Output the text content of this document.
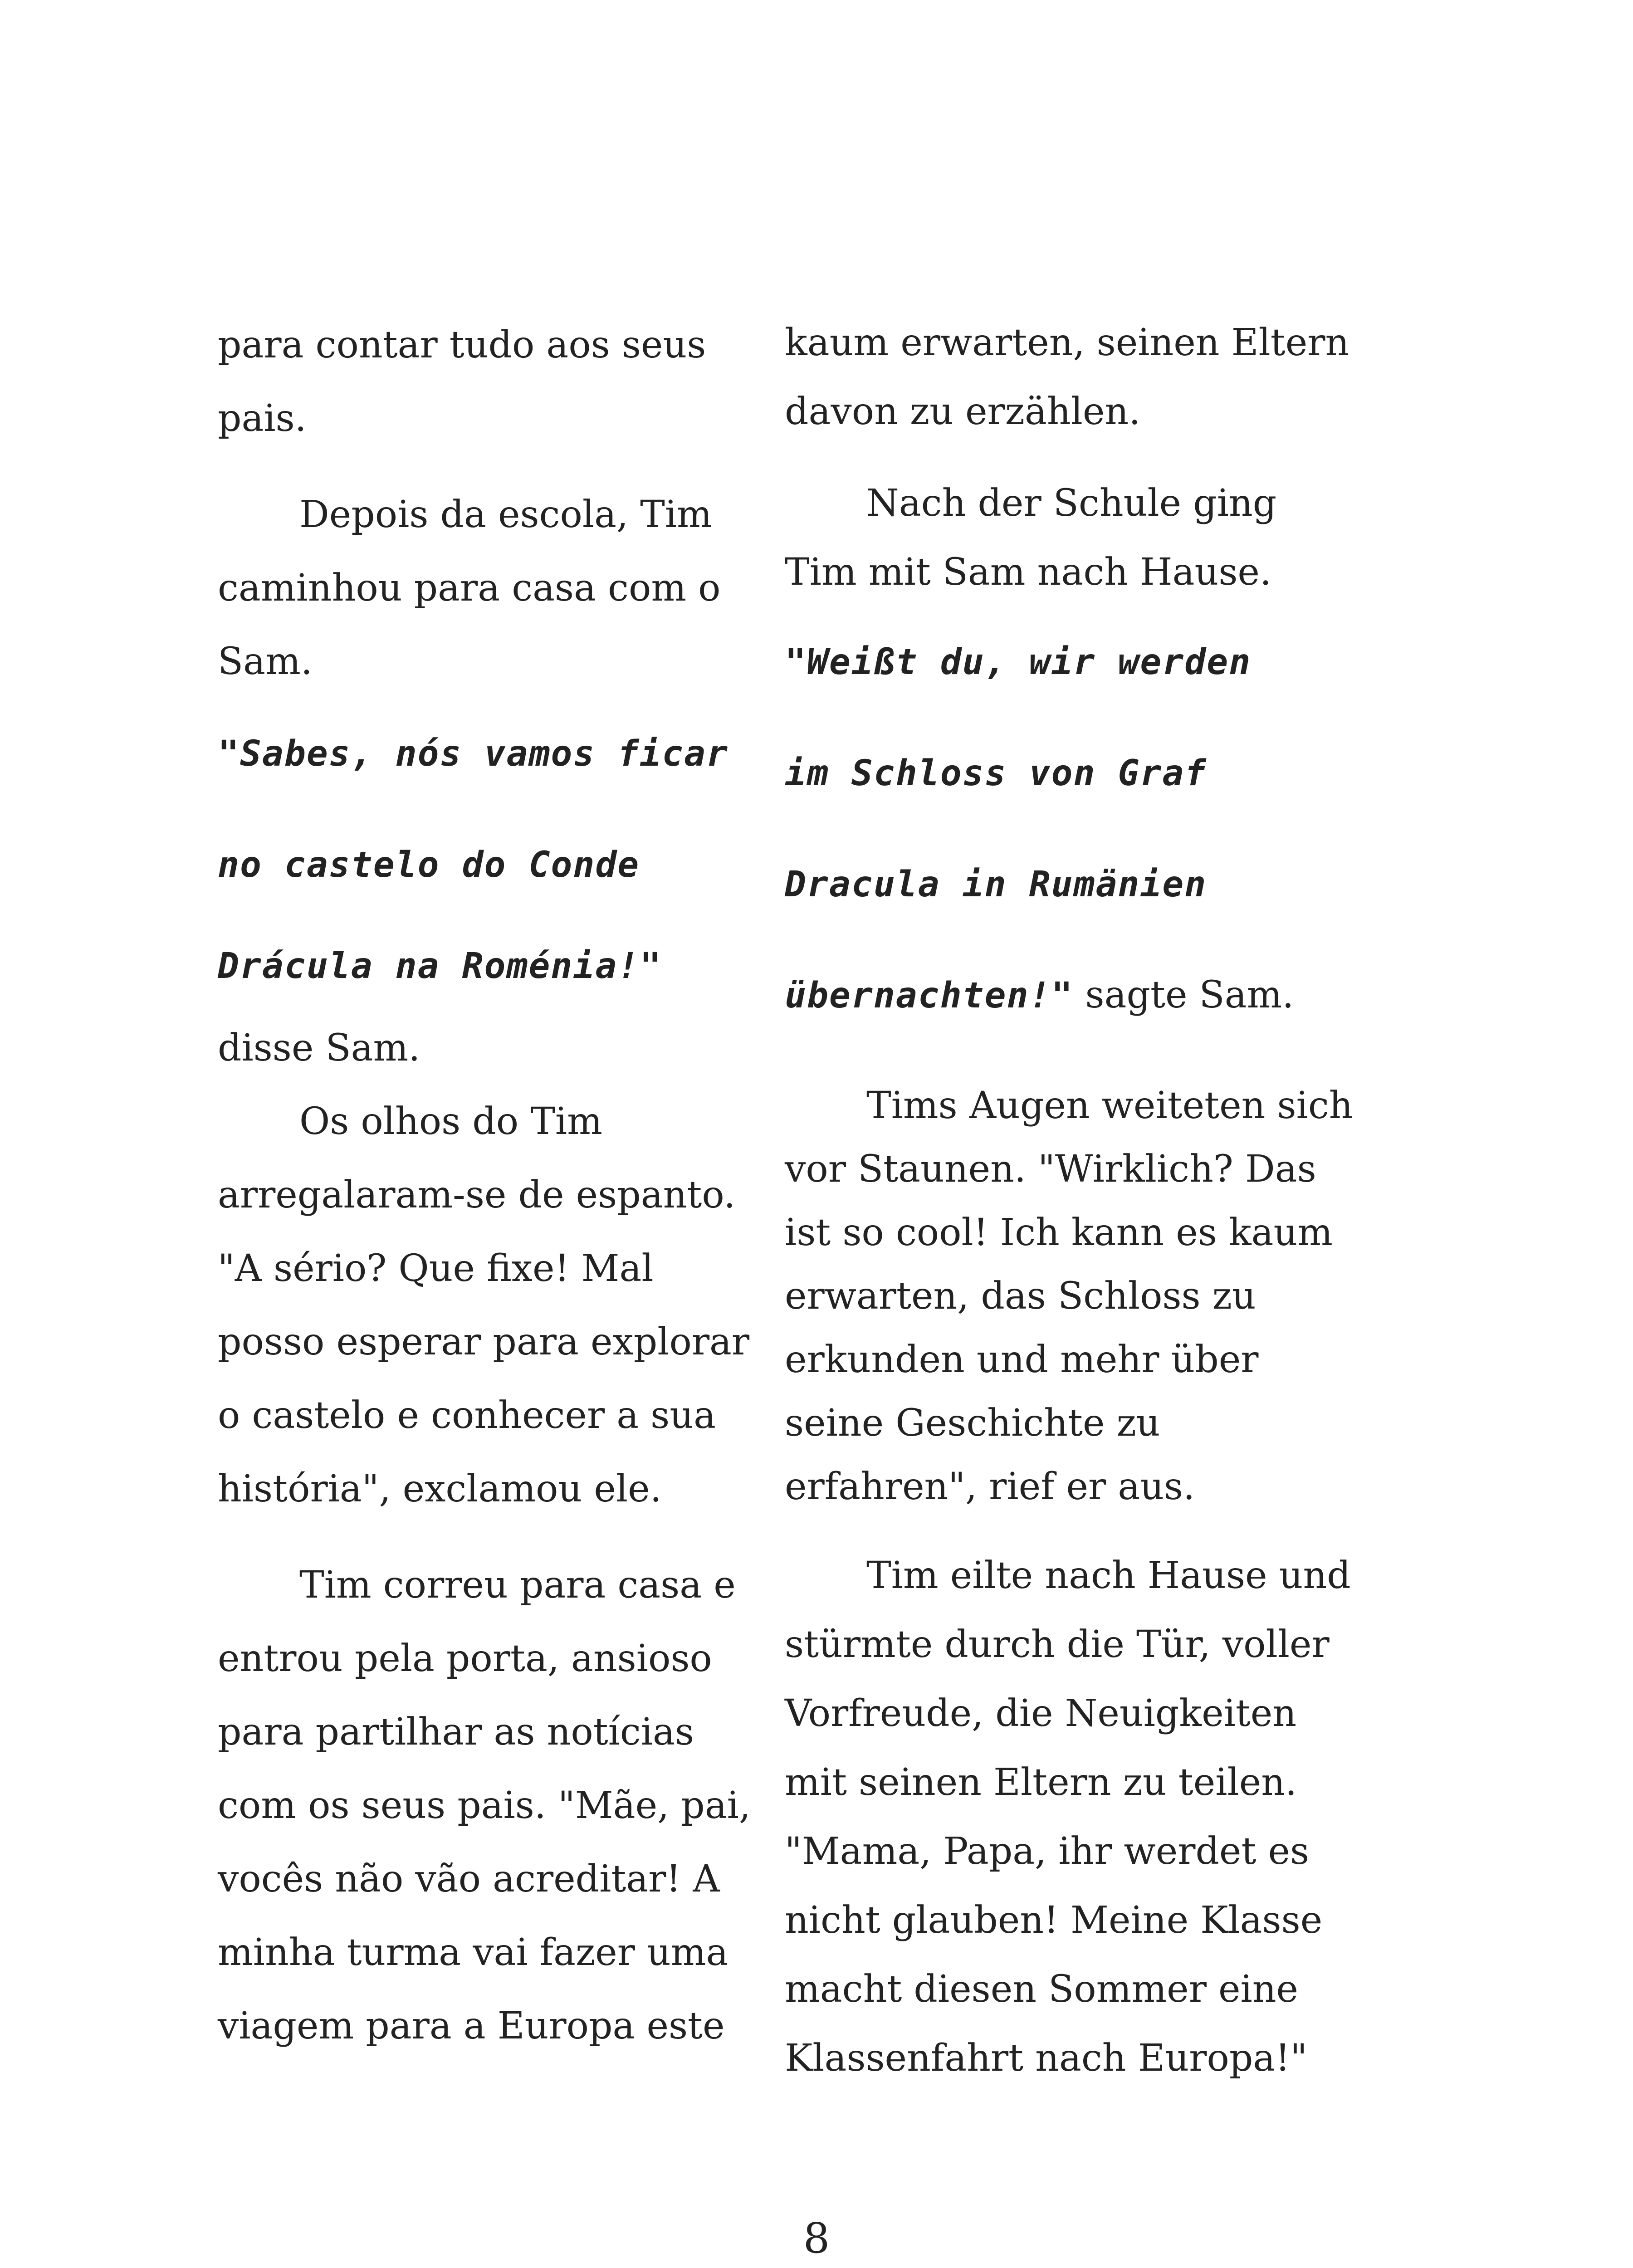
para contar tudo aos seus pais.

Depois da escola, Tim caminhou para casa com o Sam.

"Sabes, nós vamos ficar

no castelo do Conde

Drácula na Roménia!"

disse Sam.

Os olhos do Tim arregalaram-se de espanto. "A sério? Que fixe! Mal posso esperar para explorar o castelo e conhecer a sua história", exclamou ele.

Tim correu para casa e entrou pela porta, ansioso para partilhar as notícias com os seus pais. "Mãe, pai, vocês não vão acreditar! A minha turma vai fazer uma viagem para a Europa este

kaum erwarten, seinen Eltern davon zu erzählen.

Nach der Schule ging Tim mit Sam nach Hause.

"Weißt du, wir werden

im Schloss von Graf

Dracula in Rumänien

übernachten!" sagte Sam.

Tims Augen weiteten sich vor Staunen. "Wirklich? Das ist so cool! Ich kann es kaum erwarten, das Schloss zu erkunden und mehr über seine Geschichte zu erfahren", rief er aus.

Tim eilte nach Hause und stürmte durch die Tür, voller Vorfreude, die Neuigkeiten mit seinen Eltern zu teilen. "Mama, Papa, ihr werdet es nicht glauben! Meine Klasse macht diesen Sommer eine Klassenfahrt nach Europa!"

8
